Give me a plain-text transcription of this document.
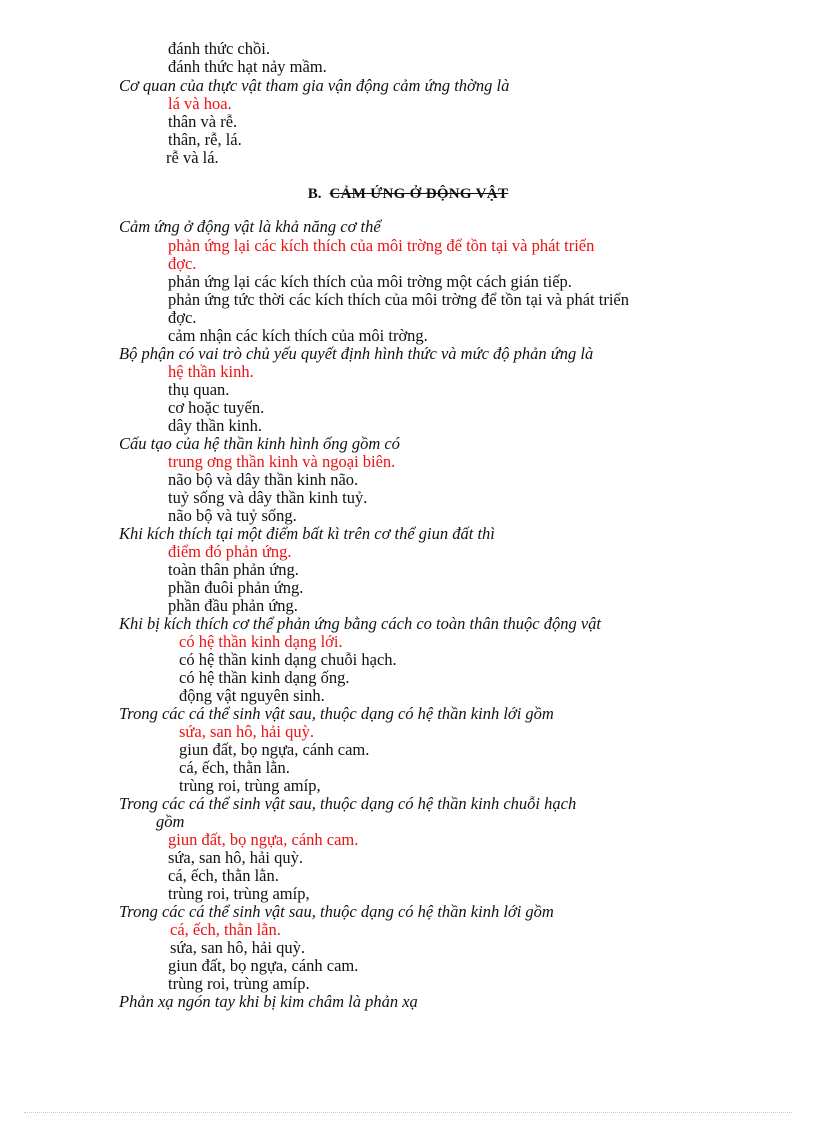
đánh thức chồi.
đánh thức hạt nảy mầm.
Cơ quan của thực vật tham gia vận động cảm ứng thờng là
lá và hoa.
thân và rễ.
thân, rễ, lá.
rễ và lá.
B. CẢM ỨNG Ở ĐỘNG VẬT
Cảm ứng ở động vật là khả năng cơ thể
phản ứng lại các kích thích của môi trờng để tồn tại và phát triển
đợc.
phản ứng lại các kích thích của môi trờng một cách gián tiếp.
phản ứng tức thời các kích thích của môi trờng để tồn tại và phát triển
đợc.
cảm nhận các kích thích của môi trờng.
Bộ phận có vai trò chủ yếu quyết định hình thức và mức độ phản ứng là
hệ thần kinh.
thụ quan.
cơ hoặc tuyến.
dây thần kinh.
Cấu tạo của hệ thần kinh hình ống gồm có
trung ơng thần kinh và ngoại biên.
não bộ và dây thần kinh não.
tuỷ sống và dây thần kinh tuỷ.
não bộ và tuỷ sống.
Khi kích thích tại một điểm bất kì trên cơ thể giun đất thì
điểm đó phản ứng.
toàn thân phản ứng.
phần đuôi phản ứng.
phần đầu phản ứng.
Khi bị kích thích cơ thể phản ứng bằng cách co toàn thân thuộc động vật
có hệ thần kinh dạng lới.
có hệ thần kinh dạng chuỗi hạch.
có hệ thần kinh dạng ống.
động vật nguyên sinh.
Trong các cá thể sinh vật sau, thuộc dạng có hệ thần kinh lới gồm
sứa, san hô, hải quỳ.
giun đất, bọ ngựa, cánh cam.
cá, ếch, thằn lằn.
trùng roi, trùng amíp,
Trong các cá thể sinh vật sau, thuộc dạng có hệ thần kinh chuỗi hạch
gồm
giun đất, bọ ngựa, cánh cam.
sứa, san hô, hải quỳ.
cá, ếch, thằn lằn.
trùng roi, trùng amíp,
Trong các cá thể sinh vật sau, thuộc dạng có hệ thần kinh lới gồm
cá, ếch, thằn lằn.
sứa, san hô, hải quỳ.
giun đất, bọ ngựa, cánh cam.
trùng roi, trùng amíp.
Phản xạ ngón tay khi bị kim châm là phản xạ
